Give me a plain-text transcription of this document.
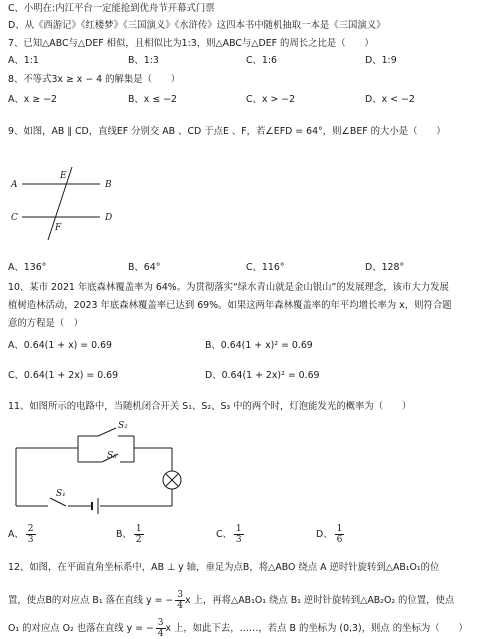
C、小明在:内江平台一定能抢到优舟节开幕式门票
D、从《西游记》《红楼梦》《三国演义》《水浒传》这四本书中随机抽取一本是《三国演义》
7、已知△ABC与△DEF 相似，且相似比为1:3，则△ABC与△DEF 的周长之比是（　　）
A、1:1	B、1:3	C、1:6	D、1:9
8、不等式3x ≥ x − 4 的解集是（　　）
A、x ≥ −2	B、x ≤ −2	C、x > −2	D、x < −2
9、如图，AB ∥ CD，直线EF 分别交 AB 、CD 于点E 、F，若∠EFD = 64°，则∠BEF 的大小是（　　）
A	B
C	D
E
F
A、136°	B、64°	C、116°	D、128°
10、某市 2021 年底森林覆盖率为 64%。为贯彻落实“绿水青山就是金山银山”的发展理念，该市大力发展
植树造林活动，2023 年底森林覆盖率已达到 69%。如果这两年森林覆盖率的年平均增长率为 x，则符合题
意的方程是（　）
A、0.64(1 + x) = 0.69	B、0.64(1 + x)² = 0.69
C、0.64(1 + 2x) = 0.69	D、0.64(1 + 2x)² = 0.69
11、如图所示的电路中，当随机闭合开关 S₁、S₂、S₃ 中的两个时，灯泡能发光的概率为（　　）
S₂
S₃
S₁
A、 $\frac{2}{3}$	B、 $\frac{1}{2}$	C、 $\frac{1}{3}$	D、 $\frac{1}{6}$
12、如图，在平面直角坐标系中，AB ⊥ y 轴，垂足为点B，将△ABO 绕点 A 逆时针旋转到△AB₁O₁的位
置，使点B的对应点 B₁ 落在直线 y = − $\frac{3}{4}$ x 上，再将△AB₁O₁ 绕点 B₁ 逆时针旋转到△AB₂O₂ 的位置，使点
O₁ 的对应点 O₂ 也落在直线 y = − $\frac{3}{4}$ x 上，如此下去，……，若点 B 的坐标为 (0,3)，则点 的坐标为（　　）
